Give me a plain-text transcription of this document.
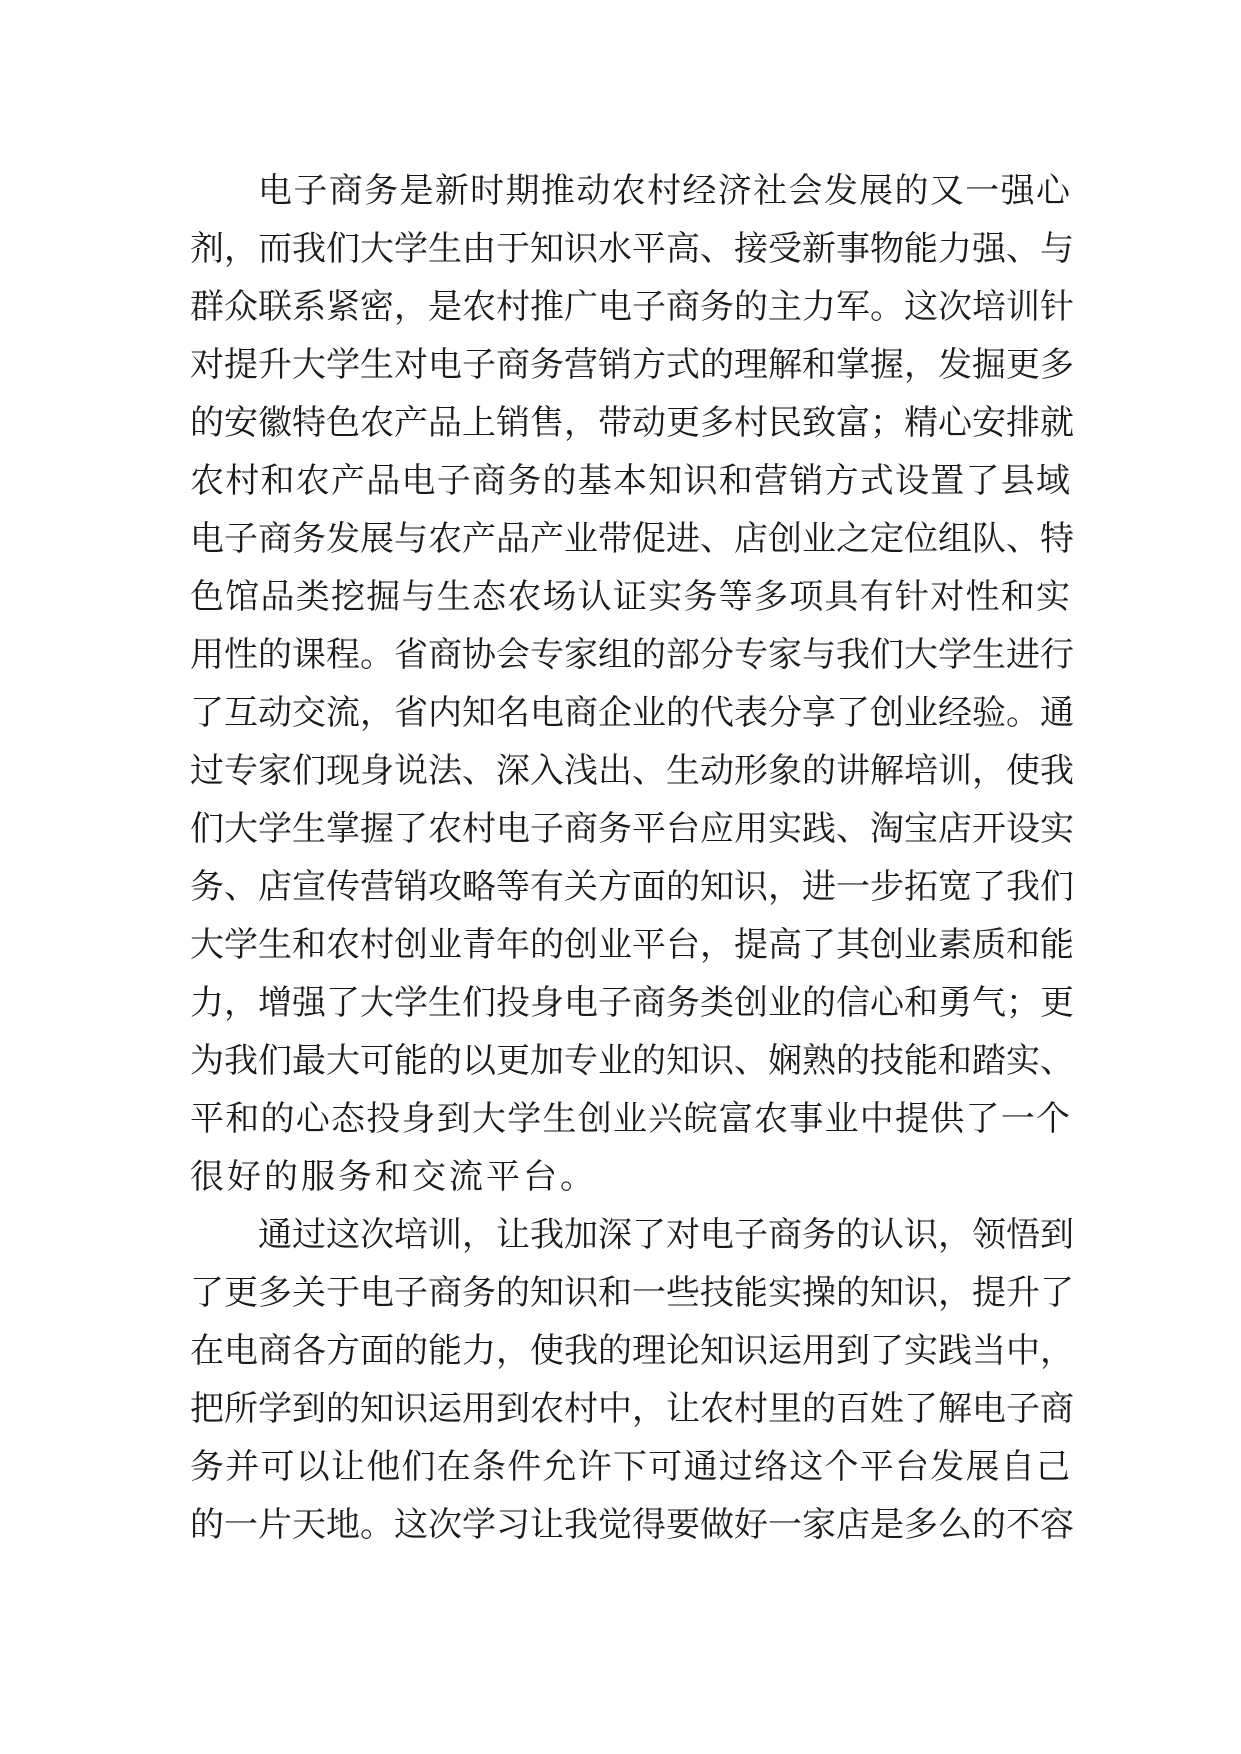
电子商务是新时期推动农村经济社会发展的又一强心
剂，而我们大学生由于知识水平高、接受新事物能力强、与
群众联系紧密，是农村推广电子商务的主力军。这次培训针
对提升大学生对电子商务营销方式的理解和掌握，发掘更多
的安徽特色农产品上销售，带动更多村民致富；精心安排就
农村和农产品电子商务的基本知识和营销方式设置了县域
电子商务发展与农产品产业带促进、店创业之定位组队、特
色馆品类挖掘与生态农场认证实务等多项具有针对性和实
用性的课程。省商协会专家组的部分专家与我们大学生进行
了互动交流，省内知名电商企业的代表分享了创业经验。通
过专家们现身说法、深入浅出、生动形象的讲解培训，使我
们大学生掌握了农村电子商务平台应用实践、淘宝店开设实
务、店宣传营销攻略等有关方面的知识，进一步拓宽了我们
大学生和农村创业青年的创业平台，提高了其创业素质和能
力，增强了大学生们投身电子商务类创业的信心和勇气；更
为我们最大可能的以更加专业的知识、娴熟的技能和踏实、
平和的心态投身到大学生创业兴皖富农事业中提供了一个
很好的服务和交流平台。
通过这次培训，让我加深了对电子商务的认识，领悟到
了更多关于电子商务的知识和一些技能实操的知识，提升了
在电商各方面的能力，使我的理论知识运用到了实践当中，
把所学到的知识运用到农村中，让农村里的百姓了解电子商
务并可以让他们在条件允许下可通过络这个平台发展自己
的一片天地。这次学习让我觉得要做好一家店是多么的不容
